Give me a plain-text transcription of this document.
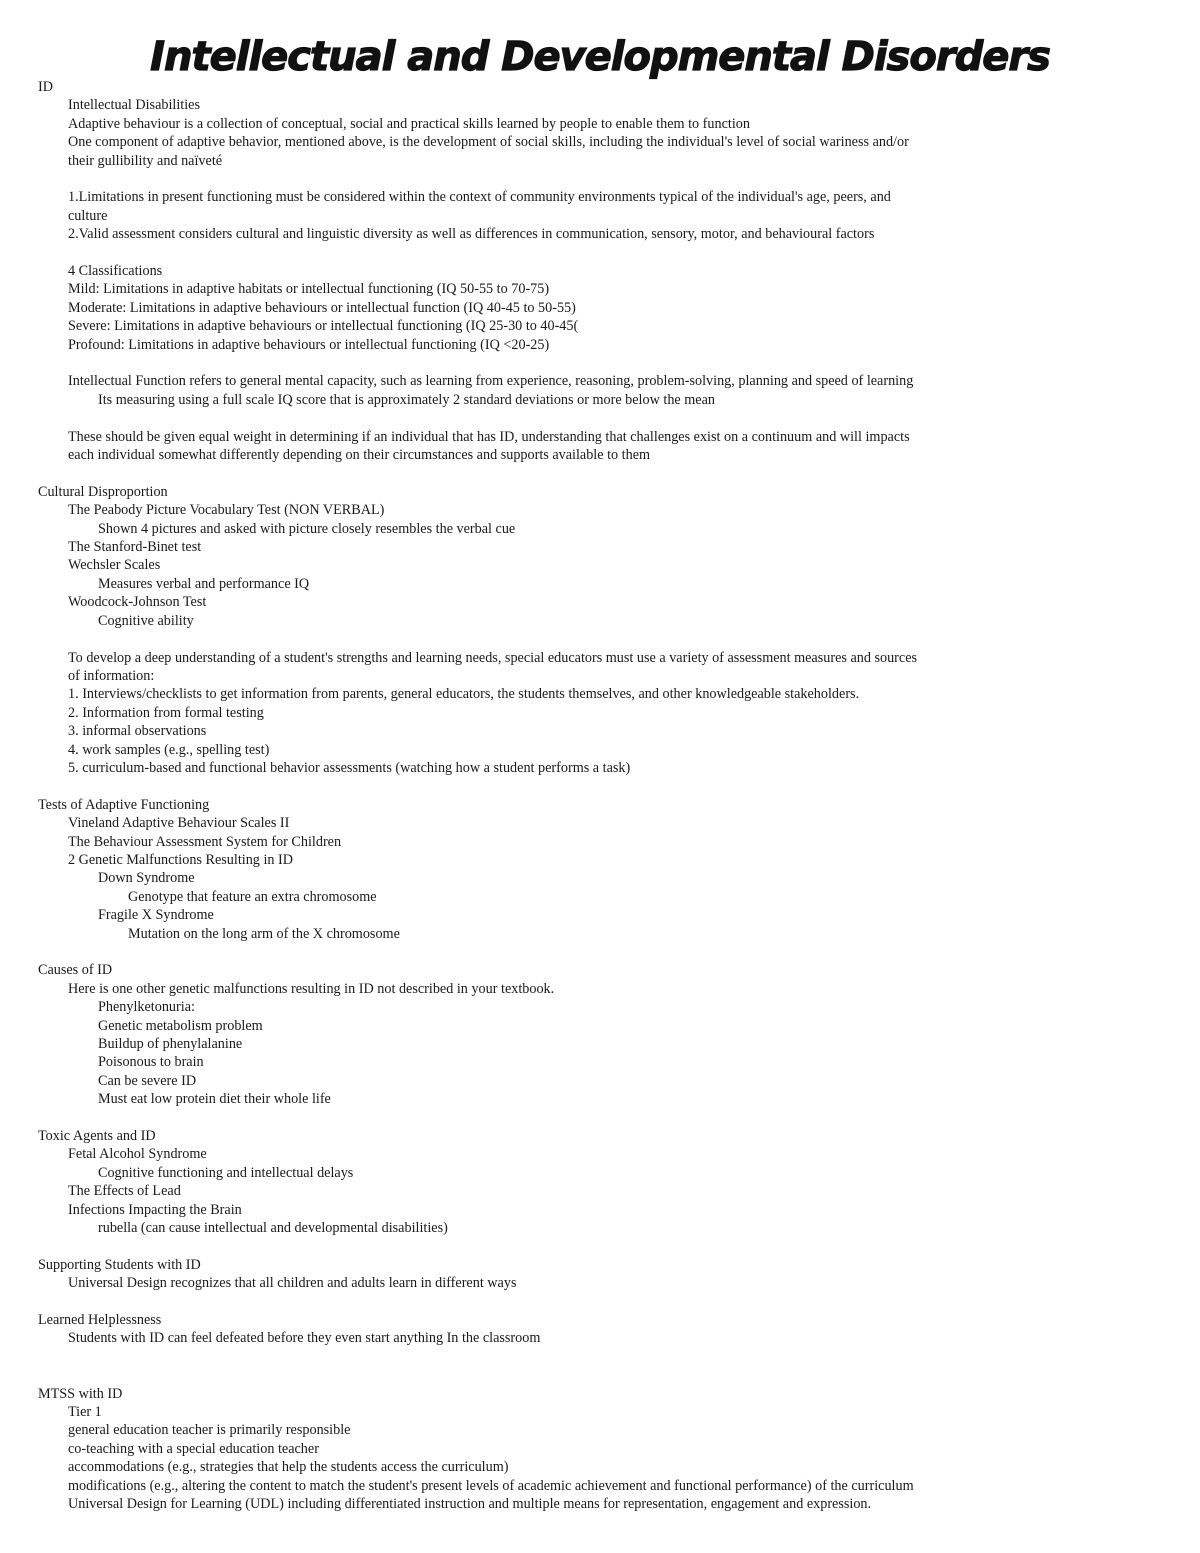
Intellectual and Developmental Disorders
ID
Intellectual Disabilities
Adaptive behaviour is a collection of conceptual, social and practical skills learned by people to enable them to function
One component of adaptive behavior, mentioned above, is the development of social skills, including the individual's level of social wariness and/or
their gullibility and naïveté
1.Limitations in present functioning must be considered within the context of community environments typical of the individual's age, peers, and
culture
2.Valid assessment considers cultural and linguistic diversity as well as differences in communication, sensory, motor, and behavioural factors
4 Classifications
Mild: Limitations in adaptive habitats or intellectual functioning (IQ 50-55 to 70-75)
Moderate: Limitations in adaptive behaviours or intellectual function (IQ 40-45 to 50-55)
Severe: Limitations in adaptive behaviours or intellectual functioning (IQ 25-30 to 40-45(
Profound: Limitations in adaptive behaviours or intellectual functioning (IQ <20-25)
Intellectual Function refers to general mental capacity, such as learning from experience, reasoning, problem-solving, planning and speed of learning
Its measuring using a full scale IQ score that is approximately 2 standard deviations or more below the mean
These should be given equal weight in determining if an individual that has ID, understanding that challenges exist on a continuum and will impacts
each individual somewhat differently depending on their circumstances and supports available to them
Cultural Disproportion
The Peabody Picture Vocabulary Test (NON VERBAL)
Shown 4 pictures and asked with picture closely resembles the verbal cue
The Stanford-Binet test
Wechsler Scales
Measures verbal and performance IQ
Woodcock-Johnson Test
Cognitive ability
To develop a deep understanding of a student's strengths and learning needs, special educators must use a variety of assessment measures and sources
of information:
1. Interviews/checklists to get information from parents, general educators, the students themselves, and other knowledgeable stakeholders.
2. Information from formal testing
3. informal observations
4. work samples (e.g., spelling test)
5. curriculum-based and functional behavior assessments (watching how a student performs a task)
Tests of Adaptive Functioning
Vineland Adaptive Behaviour Scales II
The Behaviour Assessment System for Children
2 Genetic Malfunctions Resulting in ID
Down Syndrome
Genotype that feature an extra chromosome
Fragile X Syndrome
Mutation on the long arm of the X chromosome
Causes of ID
Here is one other genetic malfunctions resulting in ID not described in your textbook.
Phenylketonuria:
Genetic metabolism problem
Buildup of phenylalanine
Poisonous to brain
Can be severe ID
Must eat low protein diet their whole life
Toxic Agents and ID
Fetal Alcohol Syndrome
Cognitive functioning and intellectual delays
The Effects of Lead
Infections Impacting the Brain
rubella (can cause intellectual and developmental disabilities)
Supporting Students with ID
Universal Design recognizes that all children and adults learn in different ways
Learned Helplessness
Students with ID can feel defeated before they even start anything In the classroom
MTSS with ID
Tier 1
general education teacher is primarily responsible
co-teaching with a special education teacher
accommodations (e.g., strategies that help the students access the curriculum)
modifications (e.g., altering the content to match the student's present levels of academic achievement and functional performance) of the curriculum
Universal Design for Learning (UDL) including differentiated instruction and multiple means for representation, engagement and expression.
